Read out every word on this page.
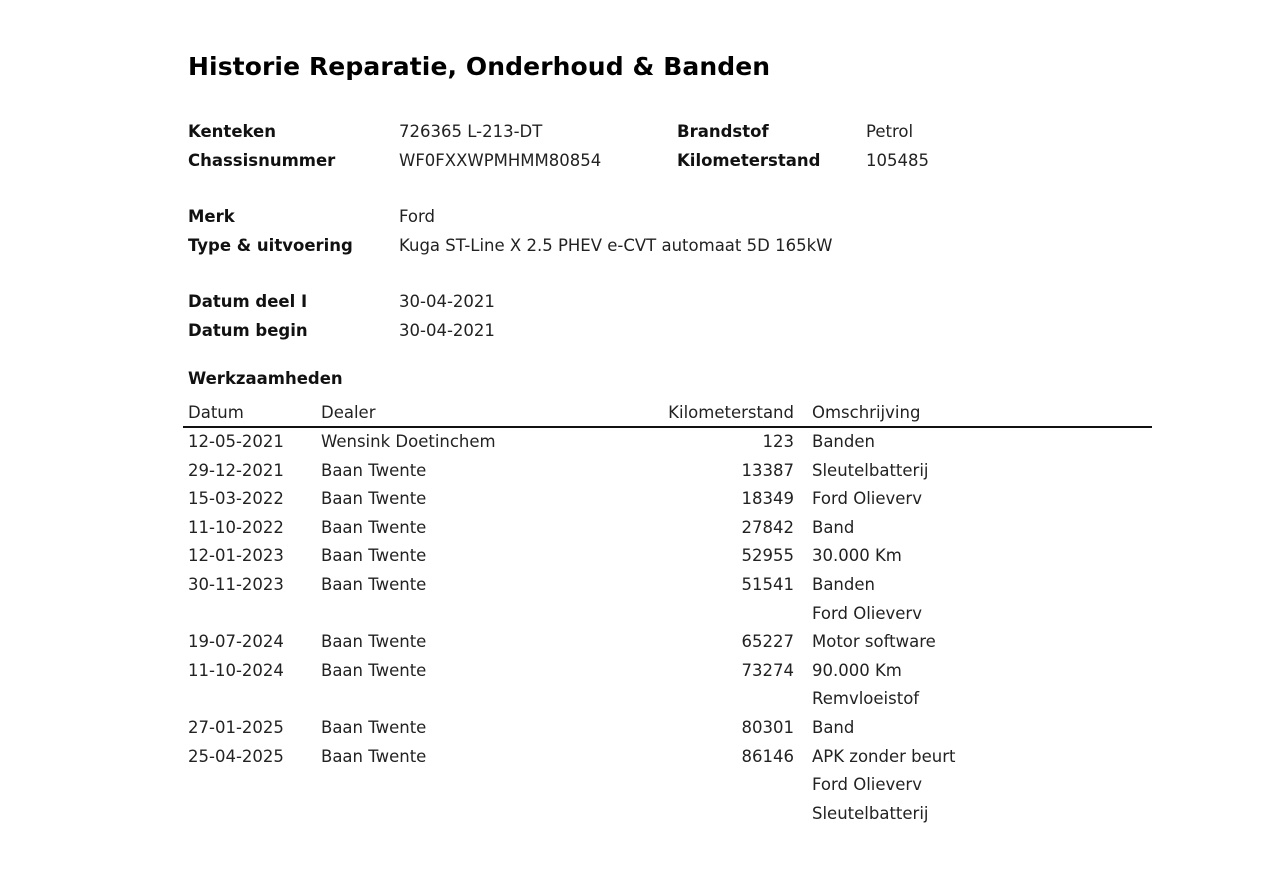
Historie Reparatie, Onderhoud & Banden
Kenteken	726365 L-213-DT	Brandstof	Petrol
Chassisnummer	WF0FXXWPMHMM80854	Kilometerstand	105485
Merk	Ford
Type & uitvoering	Kuga ST-Line X 2.5 PHEV e-CVT automaat 5D 165kW
Datum deel I	30-04-2021
Datum begin	30-04-2021
Werkzaamheden
Datum	Dealer	Kilometerstand Omschrijving
12-05-2021 Wensink Doetinchem	123 Banden
29-12-2021 Baan Twente	13387 Sleutelbatterij
15-03-2022 Baan Twente	18349 Ford Olieverv
11-10-2022 Baan Twente	27842 Band
12-01-2023 Baan Twente	52955 30.000 Km
30-11-2023 Baan Twente	51541 Banden
Ford Olieverv
19-07-2024 Baan Twente	65227 Motor software
11-10-2024 Baan Twente	73274 90.000 Km
Remvloeistof
27-01-2025 Baan Twente	80301 Band
25-04-2025 Baan Twente	86146 APK zonder beurt
Ford Olieverv
Sleutelbatterij
